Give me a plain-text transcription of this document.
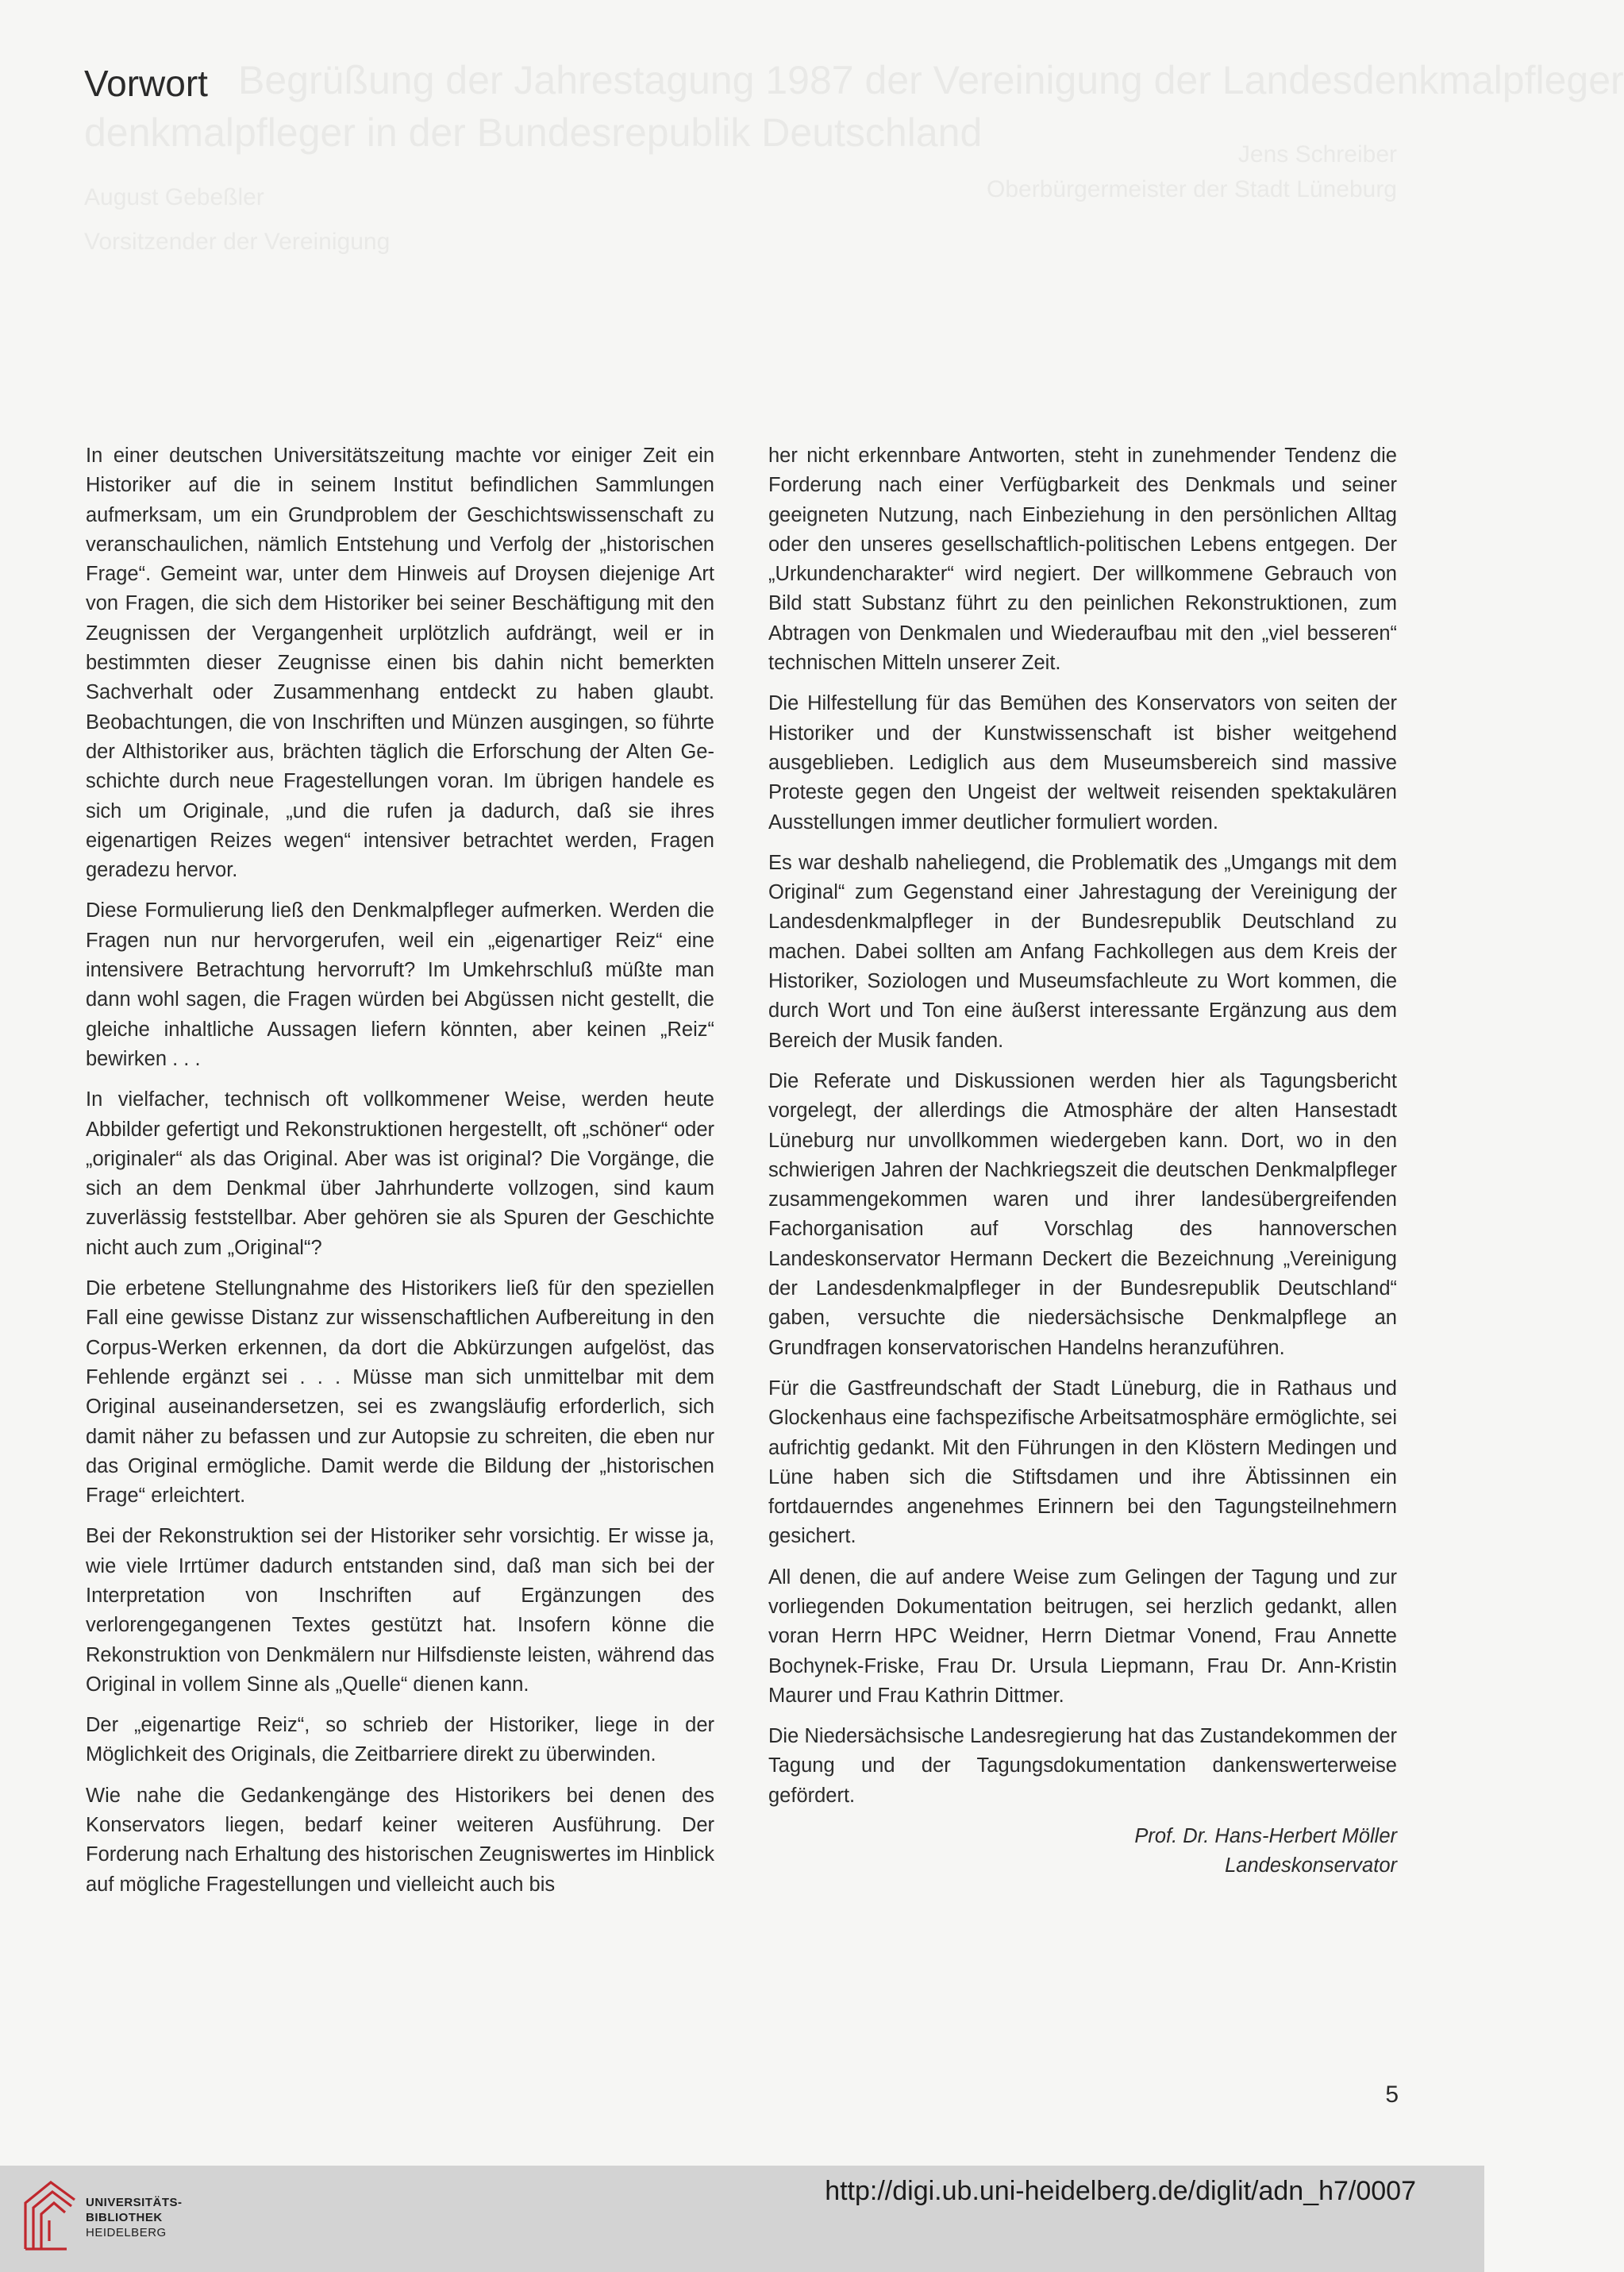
Begrüßung der Jahrestagung 1987 der Vereinigung der Landesdenkmalpfleger
denkmalpfleger in der Bundesrepublik Deutschland	Jens Schreiber
Oberbürgermeister der Stadt Lüneburg
August Gebeßler
Vorsitzender der Vereinigung
Vorwort

In einer deutschen Universitätszeitung machte vor einiger Zeit ein Historiker auf die in seinem Institut befindlichen Sammlungen aufmerksam, um ein Grundproblem der Geschichtswissenschaft zu veranschaulichen, nämlich Entstehung und Verfolg der „historischen Frage“. Gemeint war, unter dem Hinweis auf Droysen diejenige Art von Fragen, die sich dem Historiker bei seiner Beschäftigung mit den Zeugnissen der Vergangenheit urplötzlich aufdrängt, weil er in bestimmten dieser Zeugnisse einen bis dahin nicht bemerkten Sachverhalt oder Zusammenhang entdeckt zu haben glaubt. Beobachtungen, die von Inschriften und Münzen ausgingen, so führte der Althistoriker aus, brächten täglich die Erforschung der Alten Geschichte durch neue Fragestellungen voran. Im übrigen handele es sich um Originale, „und die rufen ja dadurch, daß sie ihres eigenartigen Reizes wegen“ intensiver betrachtet werden, Fragen geradezu hervor.

Diese Formulierung ließ den Denkmalpfleger aufmerken. Werden die Fragen nun nur hervorgerufen, weil ein „eigenartiger Reiz“ eine intensivere Betrachtung hervorruft? Im Umkehrschluß müßte man dann wohl sagen, die Fragen würden bei Abgüssen nicht gestellt, die gleiche inhaltliche Aussagen liefern könnten, aber keinen „Reiz“ bewirken . . .

In vielfacher, technisch oft vollkommener Weise, werden heute Abbilder gefertigt und Rekonstruktionen hergestellt, oft „schöner“ oder „originaler“ als das Original. Aber was ist original? Die Vorgänge, die sich an dem Denkmal über Jahrhunderte vollzogen, sind kaum zuverlässig feststellbar. Aber gehören sie als Spuren der Geschichte nicht auch zum „Original“?

Die erbetene Stellungnahme des Historikers ließ für den speziellen Fall eine gewisse Distanz zur wissenschaftlichen Aufbereitung in den Corpus-Werken erkennen, da dort die Abkürzungen aufgelöst, das Fehlende ergänzt sei . . . Müsse man sich unmittelbar mit dem Original auseinandersetzen, sei es zwangsläufig erforderlich, sich damit näher zu befassen und zur Autopsie zu schreiten, die eben nur das Original ermögliche. Damit werde die Bildung der „historischen Frage“ erleichtert.

Bei der Rekonstruktion sei der Historiker sehr vorsichtig. Er wisse ja, wie viele Irrtümer dadurch entstanden sind, daß man sich bei der Interpretation von Inschriften auf Ergänzungen des verlorengegangenen Textes gestützt hat. Insofern könne die Rekonstruktion von Denkmälern nur Hilfsdienste leisten, während das Original in vollem Sinne als „Quelle“ dienen kann.

Der „eigenartige Reiz“, so schrieb der Historiker, liege in der Möglichkeit des Originals, die Zeitbarriere direkt zu überwinden.

Wie nahe die Gedankengänge des Historikers bei denen des Konservators liegen, bedarf keiner weiteren Ausführung. Der Forderung nach Erhaltung des historischen Zeugniswertes im Hinblick auf mögliche Fragestellungen und vielleicht auch bis

her nicht erkennbare Antworten, steht in zunehmender Tendenz die Forderung nach einer Verfügbarkeit des Denkmals und seiner geeigneten Nutzung, nach Einbeziehung in den persönlichen Alltag oder den unseres gesellschaftlich-politischen Lebens entgegen. Der „Urkundencharakter“ wird negiert. Der willkommene Gebrauch von Bild statt Substanz führt zu den peinlichen Rekonstruktionen, zum Abtragen von Denkmalen und Wiederaufbau mit den „viel besseren“ technischen Mitteln unserer Zeit.

Die Hilfestellung für das Bemühen des Konservators von seiten der Historiker und der Kunstwissenschaft ist bisher weitgehend ausgeblieben. Lediglich aus dem Museumsbereich sind massive Proteste gegen den Ungeist der weltweit reisenden spektakulären Ausstellungen immer deutlicher formuliert worden.

Es war deshalb naheliegend, die Problematik des „Umgangs mit dem Original“ zum Gegenstand einer Jahrestagung der Vereinigung der Landesdenkmalpfleger in der Bundesrepublik Deutschland zu machen. Dabei sollten am Anfang Fachkollegen aus dem Kreis der Historiker, Soziologen und Museumsfachleute zu Wort kommen, die durch Wort und Ton eine äußerst interessante Ergänzung aus dem Bereich der Musik fanden.

Die Referate und Diskussionen werden hier als Tagungsbericht vorgelegt, der allerdings die Atmosphäre der alten Hansestadt Lüneburg nur unvollkommen wiedergeben kann. Dort, wo in den schwierigen Jahren der Nachkriegszeit die deutschen Denkmalpfleger zusammengekommen waren und ihrer landesübergreifenden Fachorganisation auf Vorschlag des hannoverschen Landeskonservator Hermann Deckert die Bezeichnung „Vereinigung der Landesdenkmalpfleger in der Bundesrepublik Deutschland“ gaben, versuchte die niedersächsische Denkmalpflege an Grundfragen konservatorischen Handelns heranzuführen.

Für die Gastfreundschaft der Stadt Lüneburg, die in Rathaus und Glockenhaus eine fachspezifische Arbeitsatmosphäre ermöglichte, sei aufrichtig gedankt. Mit den Führungen in den Klöstern Medingen und Lüne haben sich die Stiftsdamen und ihre Äbtissinnen ein fortdauerndes angenehmes Erinnern bei den Tagungsteilnehmern gesichert.

All denen, die auf andere Weise zum Gelingen der Tagung und zur vorliegenden Dokumentation beitrugen, sei herzlich gedankt, allen voran Herrn HPC Weidner, Herrn Dietmar Vonend, Frau Annette Bochynek-Friske, Frau Dr. Ursula Liepmann, Frau Dr. Ann-Kristin Maurer und Frau Kathrin Dittmer.

Die Niedersächsische Landesregierung hat das Zustandekommen der Tagung und der Tagungsdokumentation dankenswerterweise gefördert.

Prof. Dr. Hans-Herbert Möller
Landeskonservator
5
UNIVERSITÄTS-
BIBLIOTHEK
HEIDELBERG
http://digi.ub.uni-heidelberg.de/diglit/adn_h7/0007
